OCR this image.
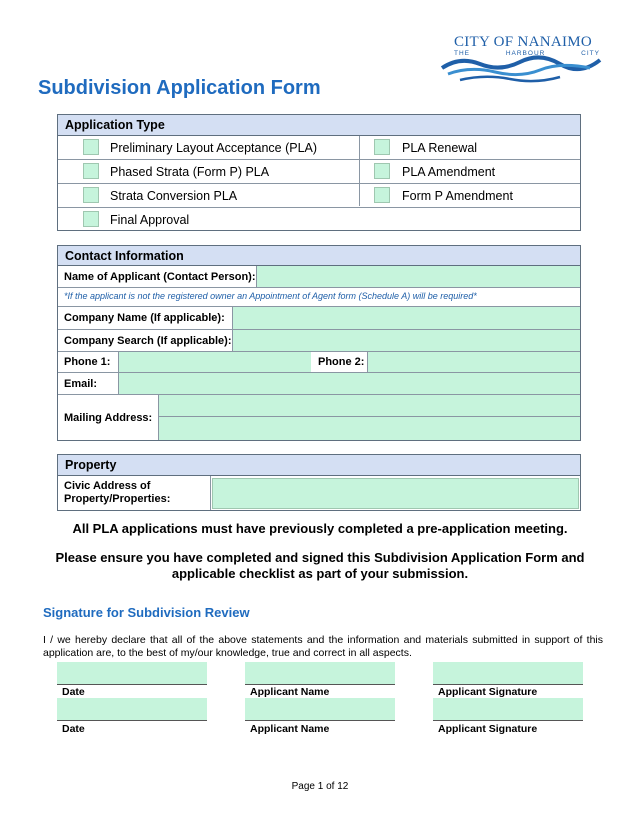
CITY OF NANAIMO
THE	HARBOUR	CITY
Subdivision Application Form
Application Type
Preliminary Layout Acceptance (PLA)	PLA Renewal
Phased Strata (Form P) PLA	PLA Amendment
Strata Conversion PLA	Form P Amendment
Final Approval
Contact Information
Name of Applicant (Contact Person):
*If the applicant is not the registered owner an Appointment of Agent form (Schedule A) will be required*
Company Name (If applicable):
Company Search (If applicable):
Phone 1:	Phone 2:
Email:
Mailing Address:
Property
Civic Address of
Property/Properties:
All PLA applications must have previously completed a pre-application meeting.
Please ensure you have completed and signed this Subdivision Application Form and
applicable checklist as part of your submission.
Signature for Subdivision Review
I / we hereby declare that all of the above statements and the information and materials submitted in support of this application are, to the best of my/our knowledge, true and correct in all aspects.
Date	Applicant Name	Applicant Signature
Date	Applicant Name	Applicant Signature
Page 1 of 12
